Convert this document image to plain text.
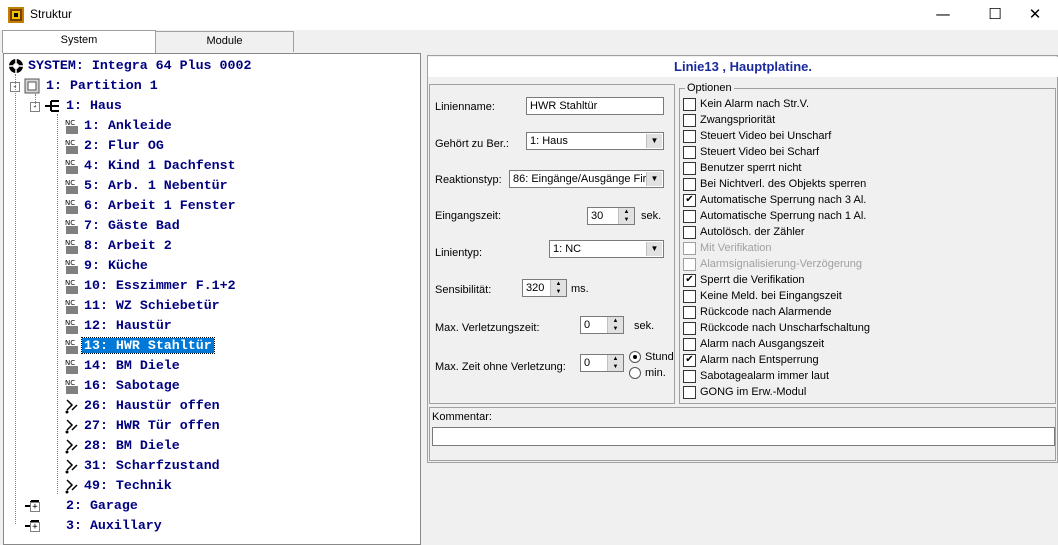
Struktur	—	☐	✕
System	Module
SYSTEM: Integra 64 Plus 0002
1: Partition 1
-
1: Haus
-
1: Ankleide
NC
2: Flur OG
NC
4: Kind 1 Dachfenst
NC
5: Arb. 1 Nebentür
NC
6: Arbeit 1 Fenster
NC
7: Gäste Bad
NC
8: Arbeit 2
NC
9: Küche
NC
10: Esszimmer F.1+2
NC
11: WZ Schiebetür
NC
12: Haustür
NC
13: HWR Stahltür
NC
14: BM Diele
NC
16: Sabotage
NC
26: Haustür offen
27: HWR Tür offen
28: BM Diele
31: Scharfzustand
49: Technik
2: Garage
+
3: Auxillary
+
Linie13 , Hauptplatine.
Linienname:	HWR Stahltür
Gehört zu Ber.:	1: Haus	▼
Reaktionstyp:	86: Eingänge/Ausgänge Fir ▼
Eingangszeit:	30	▲
▼	sek.
Linientyp:	1: NC	▼
Sensibilität:	320	▲
▼ ms.
Max. Verletzungszeit:	0	▲
▼	sek.
Max. Zeit ohne Verletzung:	0	▲
▼
Stund
min.
Optionen
Kein Alarm nach Str.V.
Zwangspriorität
Steuert Video bei Unscharf
Steuert Video bei Scharf
Benutzer sperrt nicht
Bei Nichtverl. des Objekts sperren
✔ Automatische Sperrung nach 3 Al.
Automatische Sperrung nach 1 Al.
Autolösch. der Zähler
Mit Verifikation
Alarmsignalisierung-Verzögerung
✔ Sperrt die Verifikation
Keine Meld. bei Eingangszeit
Rückcode nach Alarmende
Rückcode nach Unscharfschaltung
Alarm nach Ausgangszeit
✔ Alarm nach Entsperrung
Sabotagealarm immer laut
GONG im Erw.-Modul
Kommentar:
